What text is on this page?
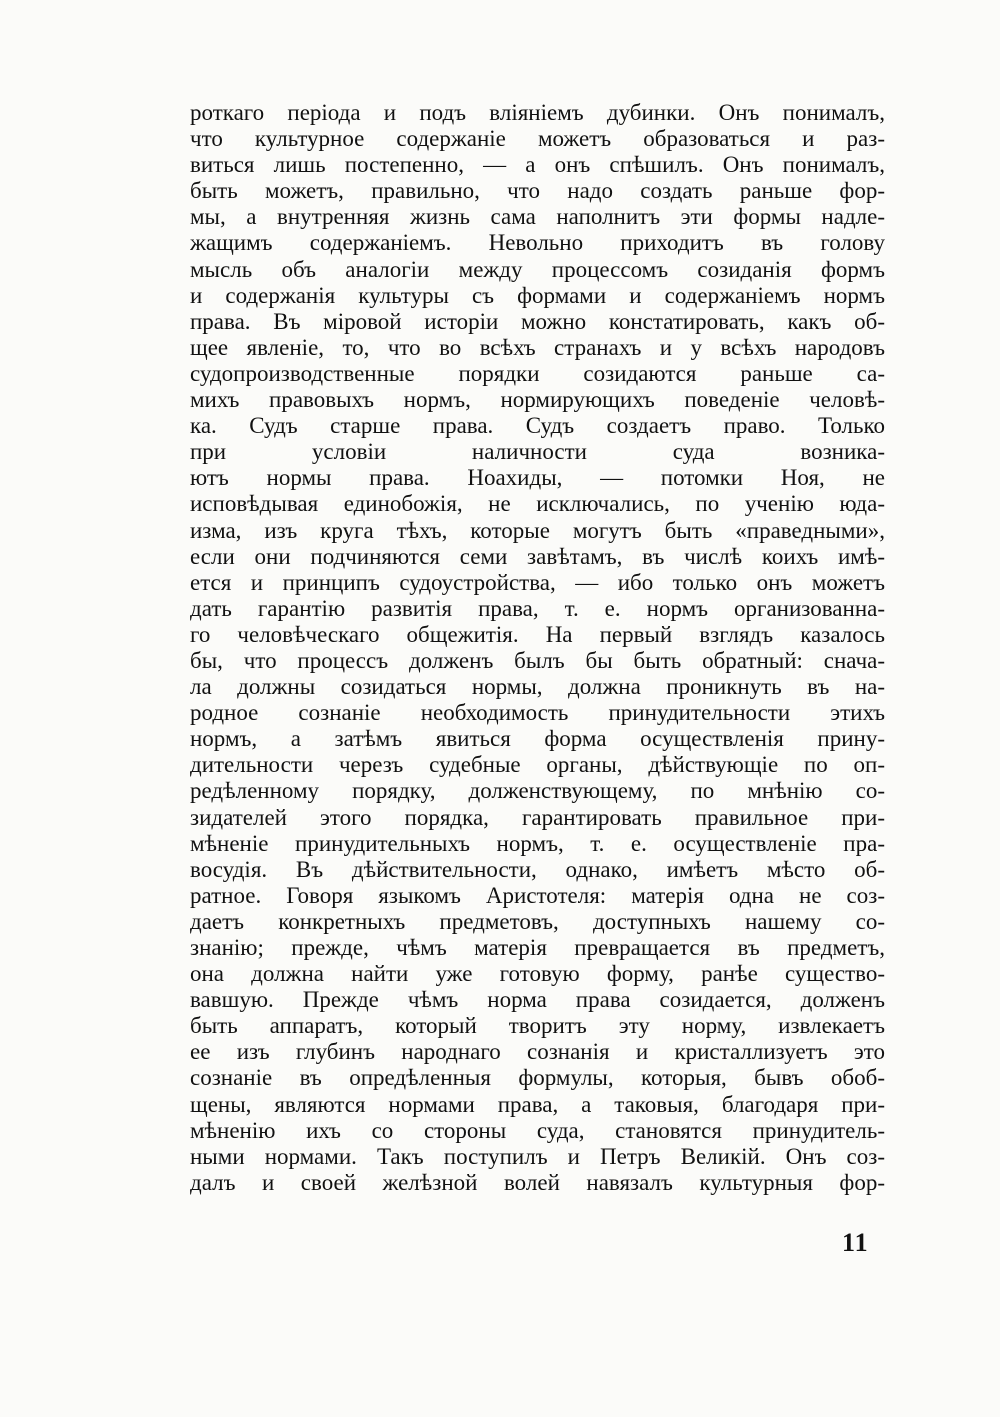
роткаго періода и подъ вліяніемъ дубинки. Онъ понималъ,
что культурное содержаніе можетъ образоваться и раз-
виться лишь постепенно, — а онъ спѣшилъ. Онъ понималъ,
быть можетъ, правильно, что надо создать раньше фор-
мы, а внутренняя жизнь сама наполнитъ эти формы надле-
жащимъ содержаніемъ. Невольно приходитъ въ голову
мысль объ аналогіи между процессомъ созиданія формъ
и содержанія культуры съ формами и содержаніемъ нормъ
права. Въ міровой исторіи можно констатировать, какъ об-
щее явленіе, то, что во всѣхъ странахъ и у всѣхъ народовъ
судопроизводственные порядки созидаются раньше са-
михъ правовыхъ нормъ, нормирующихъ поведеніе человѣ-
ка. Судъ старше права. Судъ создаетъ право. Только
при условіи наличности суда возника-
ютъ нормы права. Ноахиды, — потомки Ноя, не
исповѣдывая единобожія, не исключались, по ученію юда-
изма, изъ круга тѣхъ, которые могутъ быть «праведными»,
если они подчиняются семи завѣтамъ, въ числѣ коихъ имѣ-
ется и принципъ судоустройства, — ибо только онъ можетъ
дать гарантію развитія права, т. е. нормъ организованна-
го человѣческаго общежитія. На первый взглядъ казалось
бы, что процессъ долженъ былъ бы быть обратный: снача-
ла должны созидаться нормы, должна проникнуть въ на-
родное сознаніе необходимость принудительности этихъ
нормъ, а затѣмъ явиться форма осуществленія прину-
дительности черезъ судебные органы, дѣйствующіе по оп-
редѣленному порядку, долженствующему, по мнѣнію со-
зидателей этого порядка, гарантировать правильное при-
мѣненіе принудительныхъ нормъ, т. е. осуществленіе пра-
восудія. Въ дѣйствительности, однако, имѣетъ мѣсто об-
ратное. Говоря языкомъ Аристотеля: матерія одна не соз-
даетъ конкретныхъ предметовъ, доступныхъ нашему со-
знанію; прежде, чѣмъ матерія превращается въ предметъ,
она должна найти уже готовую форму, ранѣе существо-
вавшую. Прежде чѣмъ норма права созидается, долженъ
быть аппаратъ, который творитъ эту норму, извлекаетъ
ее изъ глубинъ народнаго сознанія и кристаллизуетъ это
сознаніе въ опредѣленныя формулы, которыя, бывъ обоб-
щены, являются нормами права, а таковыя, благодаря при-
мѣненію ихъ со стороны суда, становятся принудитель-
ными нормами. Такъ поступилъ и Петръ Великій. Онъ соз-
далъ и своей желѣзной волей навязалъ культурныя фор-
11
